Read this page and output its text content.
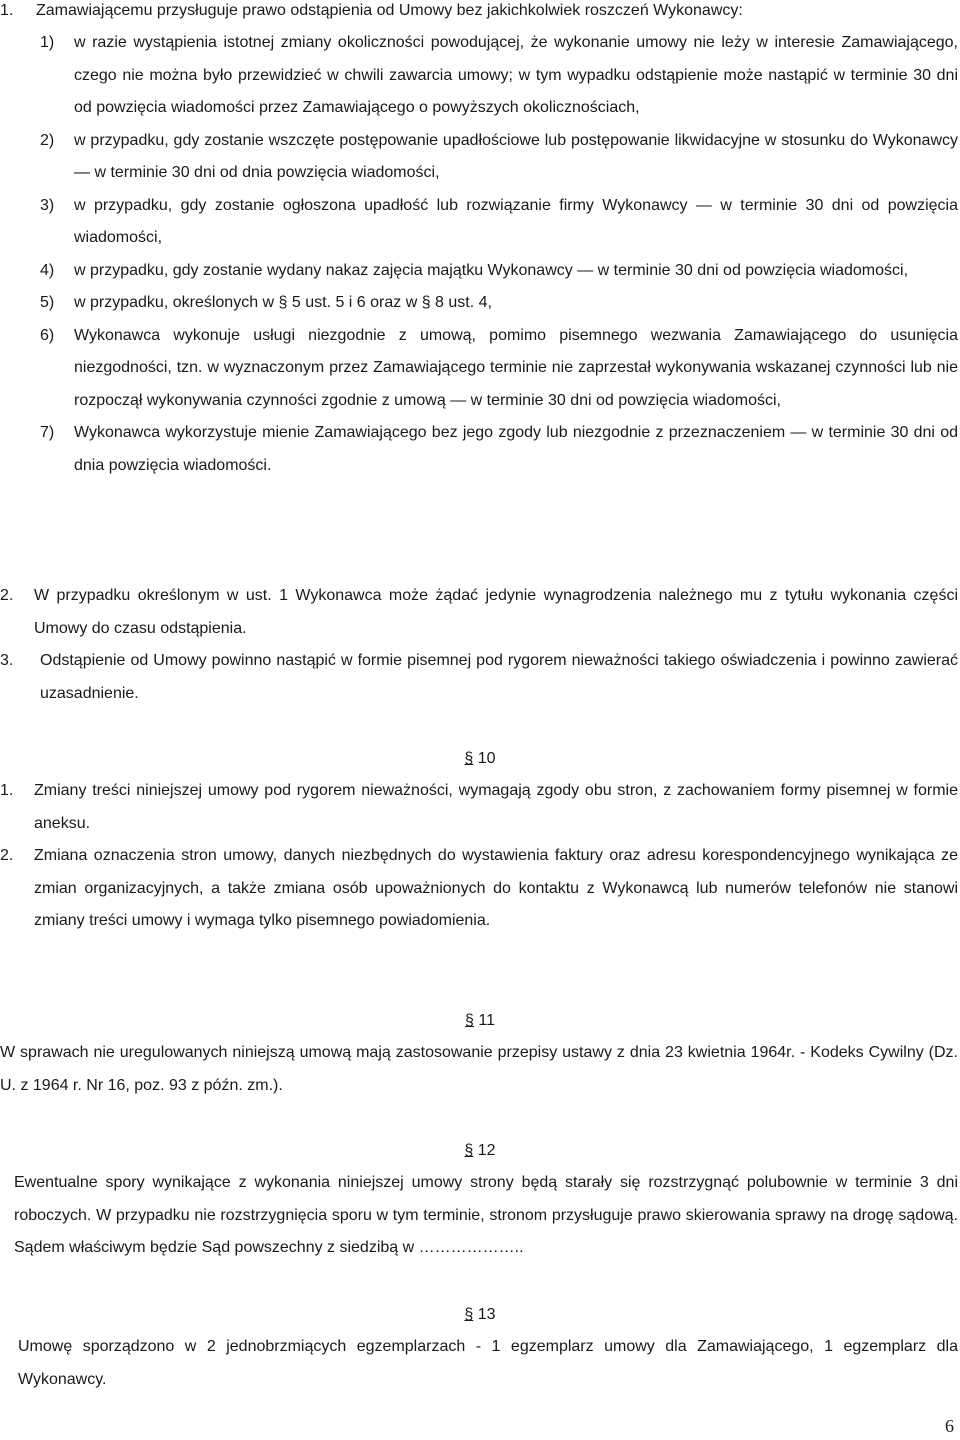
1.	Zamawiającemu przysługuje prawo odstąpienia od Umowy bez jakichkolwiek roszczeń Wykonawcy:
1)	w razie wystąpienia istotnej zmiany okoliczności powodującej, że wykonanie umowy nie leży w interesie Zamawiającego, czego nie można było przewidzieć w chwili zawarcia umowy; w tym wypadku odstąpienie może nastąpić w terminie 30 dni od powzięcia wiadomości przez Zamawiającego o powyższych okolicznościach,
2)	w przypadku, gdy zostanie wszczęte postępowanie upadłościowe lub postępowanie likwidacyjne w stosunku do Wykonawcy — w terminie 30 dni od dnia powzięcia wiadomości,
3)	w przypadku, gdy zostanie ogłoszona upadłość lub rozwiązanie firmy Wykonawcy — w terminie 30 dni od powzięcia wiadomości,
4)	w przypadku, gdy zostanie wydany nakaz zajęcia majątku Wykonawcy — w terminie 30 dni od powzięcia wiadomości,
5)	w przypadku, określonych w § 5 ust. 5 i 6 oraz w § 8 ust. 4,
6)	Wykonawca wykonuje usługi niezgodnie z umową, pomimo pisemnego wezwania Zamawiającego do usunięcia niezgodności, tzn. w wyznaczonym przez Zamawiającego terminie nie zaprzestał wykonywania wskazanej czynności lub nie rozpoczął wykonywania czynności zgodnie z umową — w terminie 30 dni od powzięcia wiadomości,
7)	Wykonawca wykorzystuje mienie Zamawiającego bez jego zgody lub niezgodnie z przeznaczeniem — w terminie 30 dni od dnia powzięcia wiadomości.
2.	W przypadku określonym w ust. 1 Wykonawca może żądać jedynie wynagrodzenia należnego mu z tytułu wykonania części Umowy do czasu odstąpienia.
3.	Odstąpienie od Umowy powinno nastąpić w formie pisemnej pod rygorem nieważności takiego oświadczenia i powinno zawierać uzasadnienie.
§ 10
1.	Zmiany treści niniejszej umowy pod rygorem nieważności, wymagają zgody obu stron, z zachowaniem formy pisemnej w formie aneksu.
2.	Zmiana oznaczenia stron umowy, danych niezbędnych do wystawienia faktury oraz adresu korespondencyjnego wynikająca ze zmian organizacyjnych, a także zmiana osób upoważnionych do kontaktu z Wykonawcą lub numerów telefonów nie stanowi zmiany treści umowy i wymaga tylko pisemnego powiadomienia.
§ 11
W sprawach nie uregulowanych niniejszą umową mają zastosowanie przepisy ustawy z dnia 23 kwietnia 1964r. - Kodeks Cywilny (Dz. U. z 1964 r. Nr 16, poz. 93 z późn. zm.).
§ 12
Ewentualne spory wynikające z wykonania niniejszej umowy strony będą starały się rozstrzygnąć polubownie w terminie 3 dni roboczych. W przypadku nie rozstrzygnięcia sporu w tym terminie, stronom przysługuje prawo skierowania sprawy na drogę sądową. Sądem właściwym będzie Sąd powszechny z siedzibą w ………………..
§ 13
Umowę sporządzono w 2 jednobrzmiących egzemplarzach - 1 egzemplarz umowy dla Zamawiającego, 1 egzemplarz dla Wykonawcy.
6
